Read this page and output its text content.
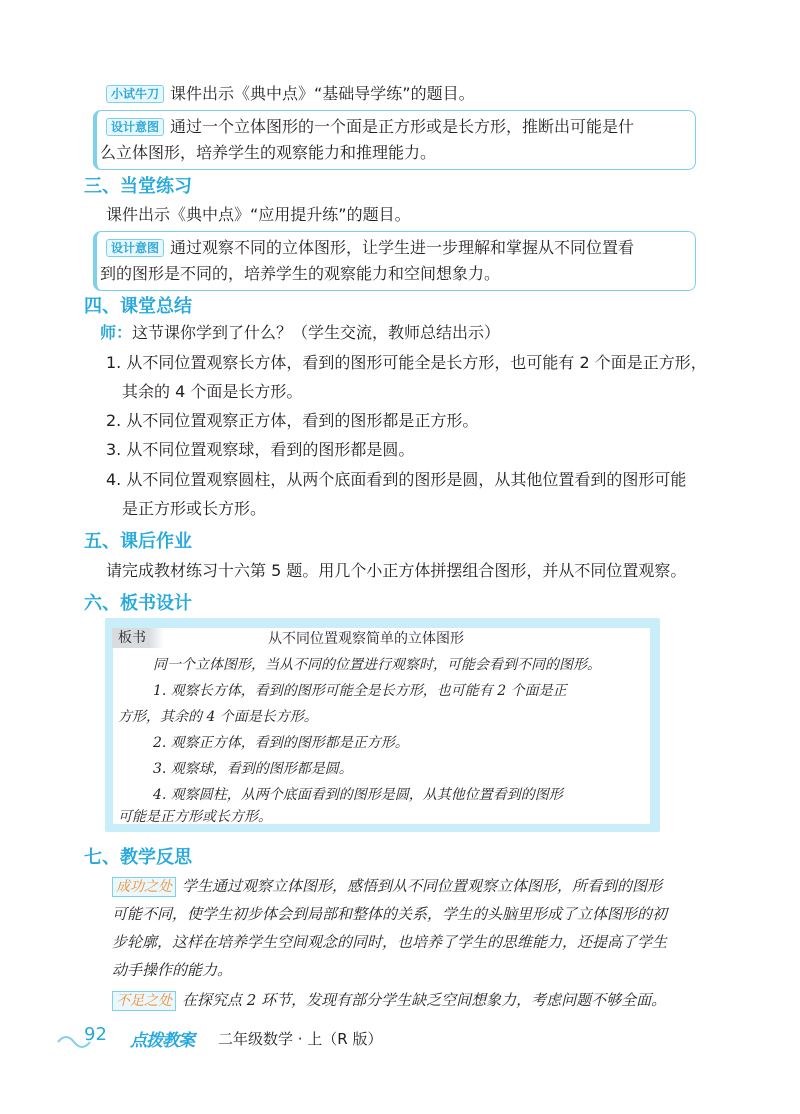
小试牛刀 课件出示《典中点》“基础导学练”的题目。
设计意图 通过一个立体图形的一个面是正方形或是长方形，推断出可能是什
么立体图形，培养学生的观察能力和推理能力。
三、当堂练习
课件出示《典中点》“应用提升练”的题目。
设计意图 通过观察不同的立体图形，让学生进一步理解和掌握从不同位置看
到的图形是不同的，培养学生的观察能力和空间想象力。
四、课堂总结
师：这节课你学到了什么？（学生交流，教师总结出示）
1. 从不同位置观察长方体，看到的图形可能全是长方形，也可能有 2 个面是正方形，
其余的 4 个面是长方形。
2. 从不同位置观察正方体，看到的图形都是正方形。
3. 从不同位置观察球，看到的图形都是圆。
4. 从不同位置观察圆柱，从两个底面看到的图形是圆，从其他位置看到的图形可能
是正方形或长方形。
五、课后作业
请完成教材练习十六第 5 题。用几个小正方体拼摆组合图形，并从不同位置观察。
六、板书设计
板书	从不同位置观察简单的立体图形
同一个立体图形，当从不同的位置进行观察时，可能会看到不同的图形。
1. 观察长方体，看到的图形可能全是长方形，也可能有 2 个面是正
方形，其余的 4 个面是长方形。
2. 观察正方体，看到的图形都是正方形。
3. 观察球，看到的图形都是圆。
4. 观察圆柱，从两个底面看到的图形是圆，从其他位置看到的图形
可能是正方形或长方形。
七、教学反思
成功之处 学生通过观察立体图形，感悟到从不同位置观察立体图形，所看到的图形
可能不同，使学生初步体会到局部和整体的关系，学生的头脑里形成了立体图形的初
步轮廓，这样在培养学生空间观念的同时，也培养了学生的思维能力，还提高了学生
动手操作的能力。
不足之处 在探究点 2 环节，发现有部分学生缺乏空间想象力，考虑问题不够全面。
92 点拨教案 二年级数学 · 上（R 版）
